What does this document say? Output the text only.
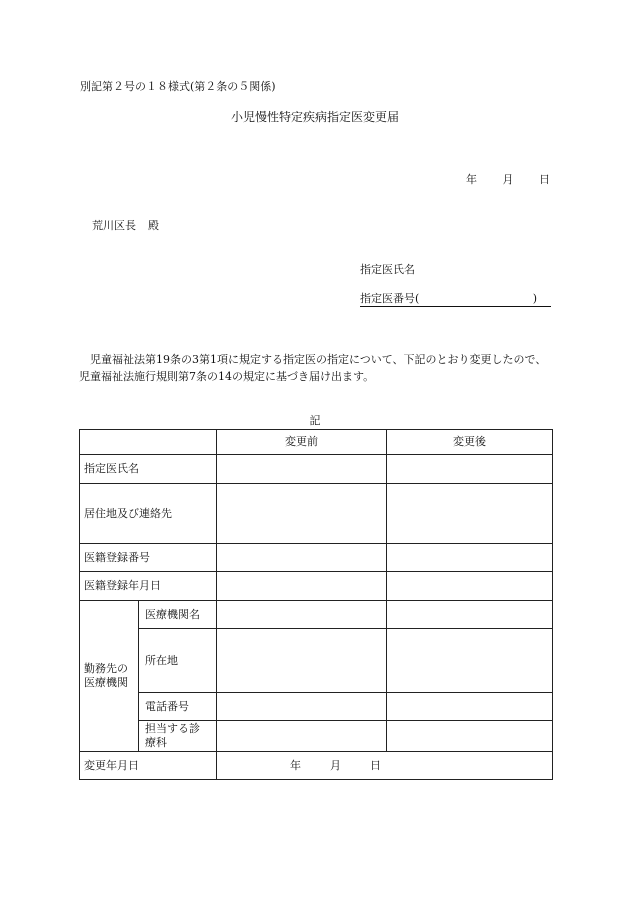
別記第２号の１８様式(第２条の５関係)
小児慢性特定疾病指定医変更届
年 月 日
荒川区長 殿
指定医氏名
指定医番号(	)
児童福祉法第19条の3第1項に規定する指定医の指定について、下記のとおり変更したので、児童福祉法施行規則第7条の14の規定に基づき届け出ます。
記
		変更前	変更後
指定医氏名			
居住地及び連絡先			
医籍登録番号			
医籍登録年月日			
勤務先の医療機関	医療機関名		
	所在地		
	電話番号		
	担当する診療科		
変更年月日		年 月 日	
